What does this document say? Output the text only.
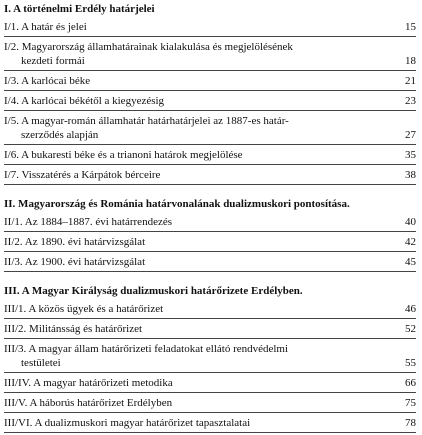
I. A történelmi Erdély határjelei
I/1. A határ és jelei	15
I/2. Magyarország államhatárainak kialakulása és megjelölésének
kezdeti formái	18
I/3. A karlócai béke	21
I/4. A karlócai békétől a kiegyezésig	23
I/5. A magyar-román államhatár határhatárjelei az 1887-es határ-
szerződés alapján	27
I/6. A bukaresti béke és a trianoni határok megjelölése	35
I/7. Visszatérés a Kárpátok bérceire	38
II. Magyarország és Románia határvonalának dualizmuskori pontosítása.
II/1. Az 1884–1887. évi határrendezés	40
II/2. Az 1890. évi határvizsgálat	42
II/3. Az 1900. évi határvizsgálat	45
III. A Magyar Királyság dualizmuskori határőrizete Erdélyben.
III/1. A közös ügyek és a határőrizet	46
III/2. Militánsság és határőrizet	52
III/3. A magyar állam határőrizeti feladatokat ellátó rendvédelmi
testületei	55
III/IV. A magyar határőrizeti metodika	66
III/V. A háborús határőrizet Erdélyben	75
III/VI. A dualizmuskori magyar határőrizet tapasztalatai	78
